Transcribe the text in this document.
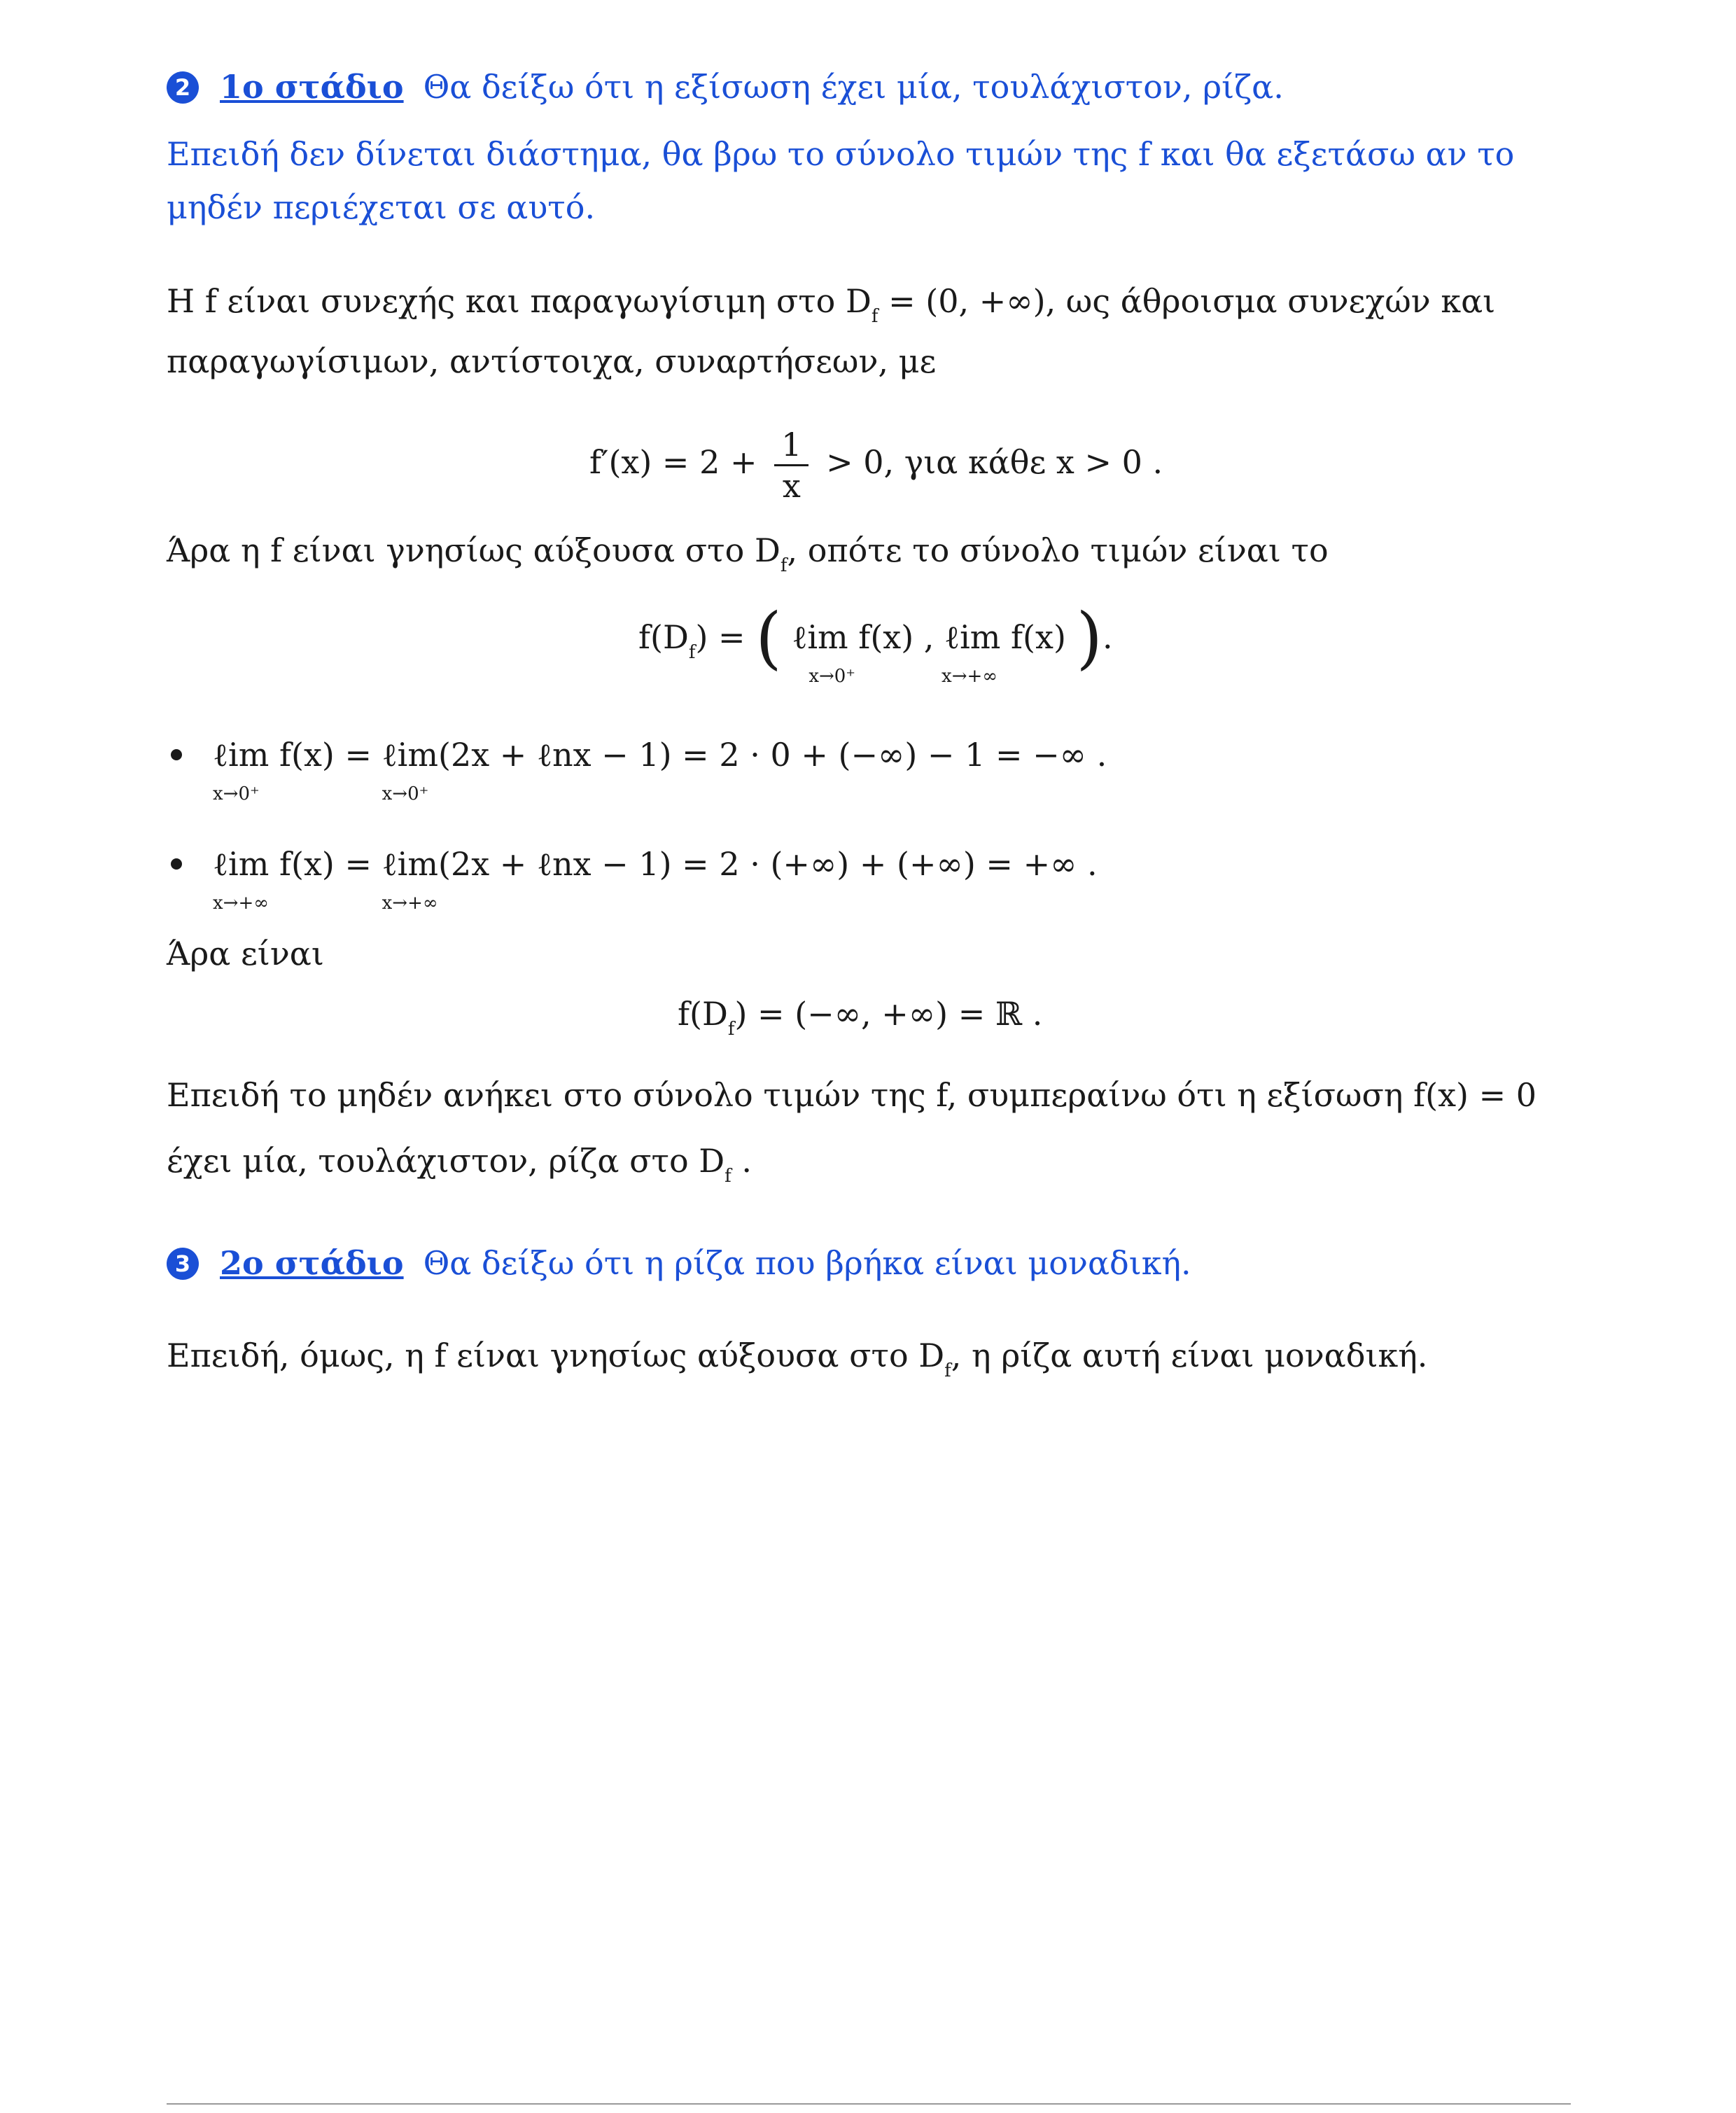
2 1ο στάδιο Θα δείξω ότι η εξίσωση έχει μία, τουλάχιστον, ρίζα.
Επειδή δεν δίνεται διάστημα, θα βρω το σύνολο τιμών της f και θα εξετάσω αν το
μηδέν περιέχεται σε αυτό.
Η f είναι συνεχής και παραγωγίσιμη στο $D_f = (0$, +∞), ως άθροισμα συνεχών και
παραγωγίσιμων, αντίστοιχα, συναρτήσεων, με
$f'(x) = 2 + \frac{1}{x} > 0$, για κάθε x > 0 .
Άρα η f είναι γνησίως αύξουσα στο $D_f$, οπότε το σύνολο τιμών είναι το
$f(D_f)$ = ( ℓim f(x)
x→0⁺
, ℓim f(x)
x→+∞ ).
ℓim f(x) =
x→0⁺
ℓim
x→0⁺
(2x + ℓnx − 1) = 2 · 0 + (−∞) − 1 = −∞ .
ℓim f(x) =
x→+∞
ℓim
x→+∞
(2x + ℓnx − 1) = 2 · (+∞) + (+∞) = +∞ .
Άρα είναι
$f(D_f)$ = (−∞, +∞) = ℝ .
Επειδή το μηδέν ανήκει στο σύνολο τιμών της f, συμπεραίνω ότι η εξίσωση f(x) = 0
έχει μία, τουλάχιστον, ρίζα στο $D_f$ .
3 2ο στάδιο Θα δείξω ότι η ρίζα που βρήκα είναι μοναδική.
Επειδή, όμως, η f είναι γνησίως αύξουσα στο $D_f$, η ρίζα αυτή είναι μοναδική.
